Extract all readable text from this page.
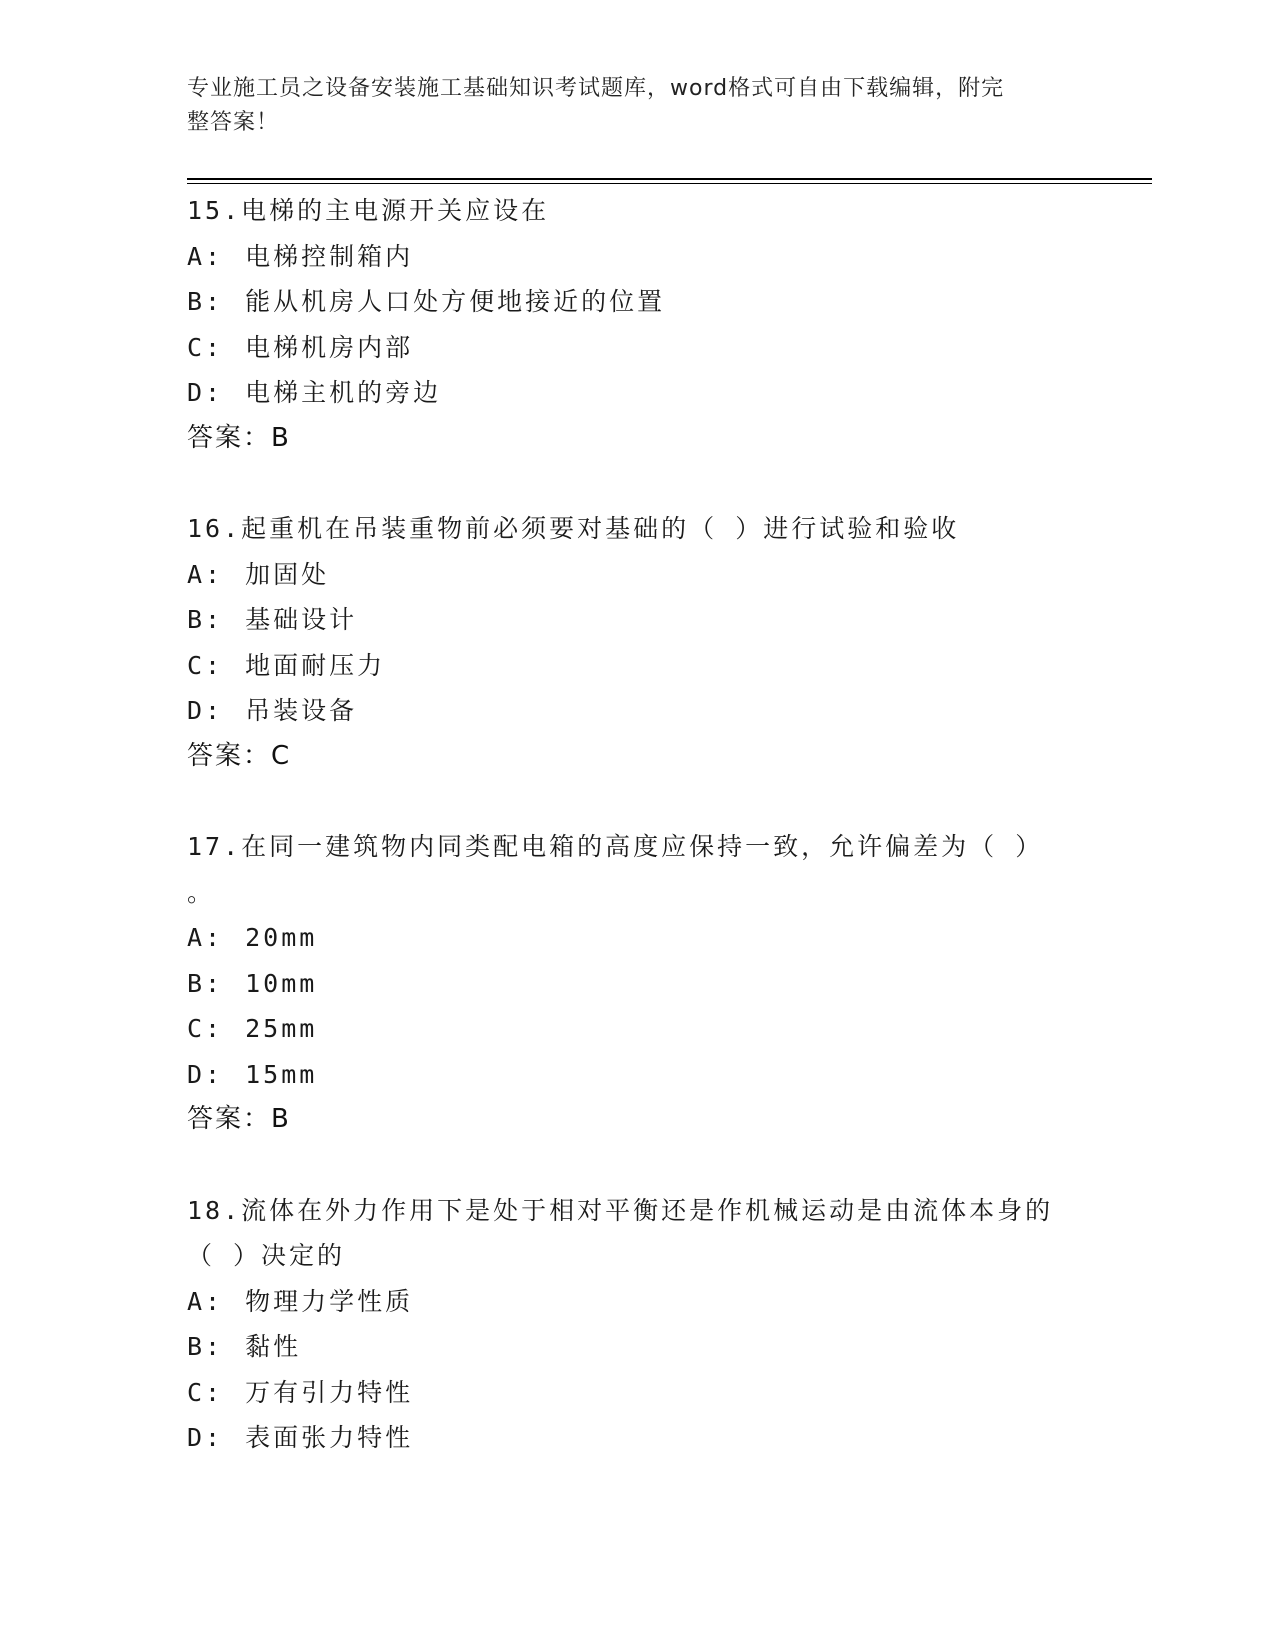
专业施工员之设备安装施工基础知识考试题库，word格式可自由下载编辑，附完
整答案！
15.电梯的主电源开关应设在
A: 电梯控制箱内
B: 能从机房人口处方便地接近的位置
C: 电梯机房内部
D: 电梯主机的旁边
答案：B
16.起重机在吊装重物前必须要对基础的（ ）进行试验和验收
A: 加固处
B: 基础设计
C: 地面耐压力
D: 吊装设备
答案：C
17.在同一建筑物内同类配电箱的高度应保持一致，允许偏差为（ ）
。
A: 20mm
B: 10mm
C: 25mm
D: 15mm
答案：B
18.流体在外力作用下是处于相对平衡还是作机械运动是由流体本身的
（ ）决定的
A: 物理力学性质
B: 黏性
C: 万有引力特性
D: 表面张力特性
